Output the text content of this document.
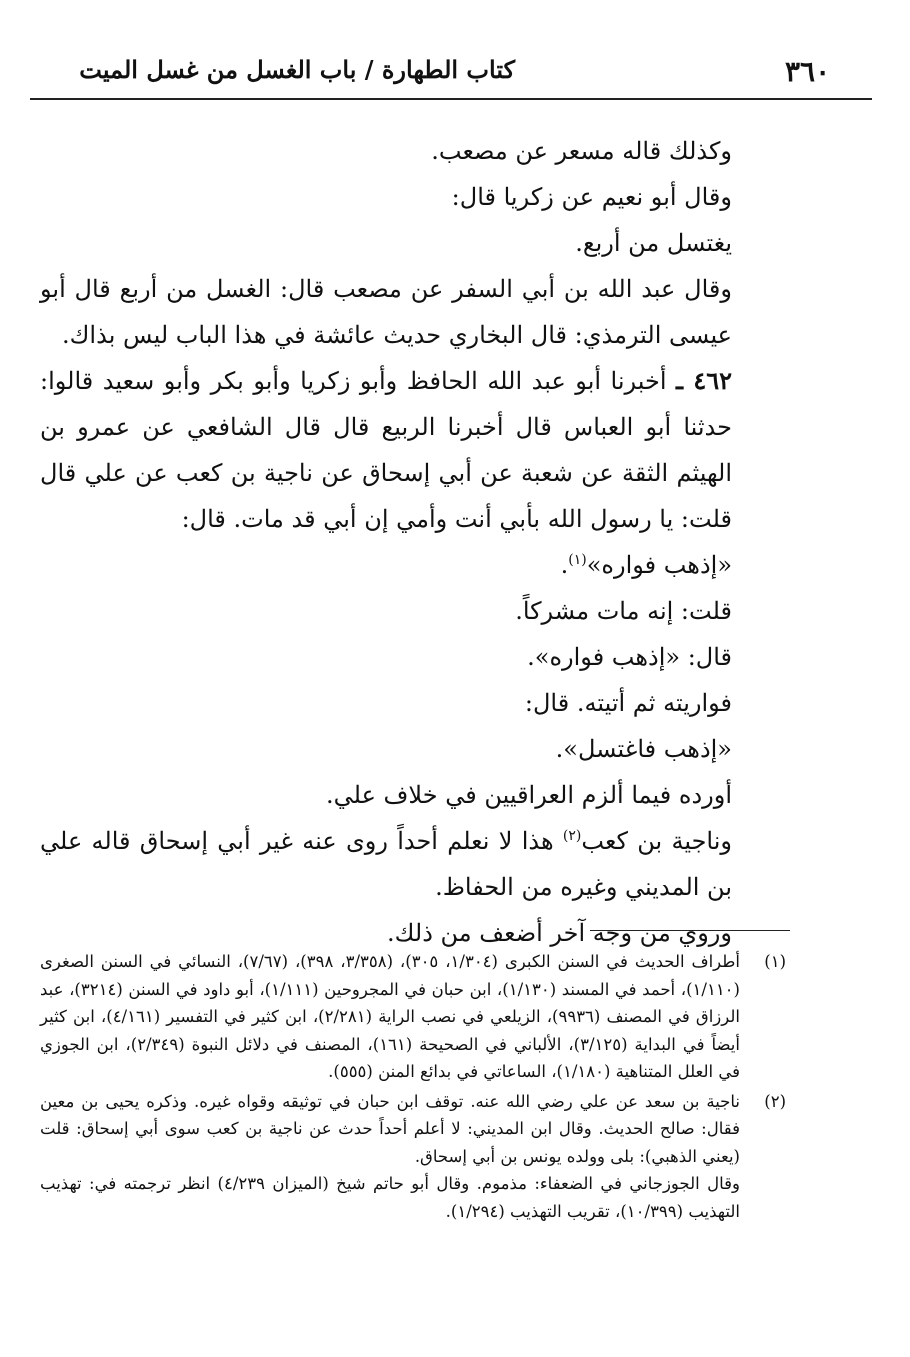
٣٦٠
كتاب الطهارة / باب الغسل من غسل الميت

وكذلك قاله مسعر عن مصعب.

وقال أبو نعيم عن زكريا قال:

يغتسل من أربع.

وقال عبد الله بن أبي السفر عن مصعب قال: الغسل من أربع قال أبو عيسى الترمذي: قال البخاري حديث عائشة في هذا الباب ليس بذاك.

٤٦٢ ـ أخبرنا أبو عبد الله الحافظ وأبو زكريا وأبو بكر وأبو سعيد قالوا: حدثنا أبو العباس قال أخبرنا الربيع قال قال الشافعي عن عمرو بن الهيثم الثقة عن شعبة عن أبي إسحاق عن ناجية بن كعب عن علي قال قلت: يا رسول الله بأبي أنت وأمي إن أبي قد مات. قال:

«إذهب فواره»$^{(١)}$.

قلت: إنه مات مشركاً.

قال: «إذهب فواره».

فواريته ثم أتيته. قال:

«إذهب فاغتسل».

أورده فيما ألزم العراقيين في خلاف علي.

وناجية بن كعب$^{(٢)}$ هذا لا نعلم أحداً روى عنه غير أبي إسحاق قاله علي بن المديني وغيره من الحفاظ.

وروي من وجه آخر أضعف من ذلك.

(١)

أطراف الحديث في السنن الكبرى (١/٣٠٤، ٣٠٥)، (٣/٣٥٨، ٣٩٨)، (٧/٦٧)، النسائي في السنن الصغرى (١/١١٠)، أحمد في المسند (١/١٣٠)، ابن حبان في المجروحين (١/١١١)، أبو داود في السنن (٣٢١٤)، عبد الرزاق في المصنف (٩٩٣٦)، الزيلعي في نصب الراية (٢/٢٨١)، ابن كثير في التفسير (٤/١٦١)، ابن كثير أيضاً في البداية (٣/١٢٥)، الألباني في الصحيحة (١٦١)، المصنف في دلائل النبوة (٢/٣٤٩)، ابن الجوزي في العلل المتناهية (١/١٨٠)، الساعاتي في بدائع المنن (٥٥٥).

(٢)

ناجية بن سعد عن علي رضي الله عنه. توقف ابن حبان في توثيقه وقواه غيره. وذكره يحيى بن معين فقال: صالح الحديث. وقال ابن المديني: لا أعلم أحداً حدث عن ناجية بن كعب سوى أبي إسحاق: قلت (يعني الذهبي): بلى وولده يونس بن أبي إسحاق.

وقال الجوزجاني في الضعفاء: مذموم. وقال أبو حاتم شيخ (الميزان ٤/٢٣٩) انظر ترجمته في: تهذيب التهذيب (١٠/٣٩٩)، تقريب التهذيب (١/٢٩٤).
